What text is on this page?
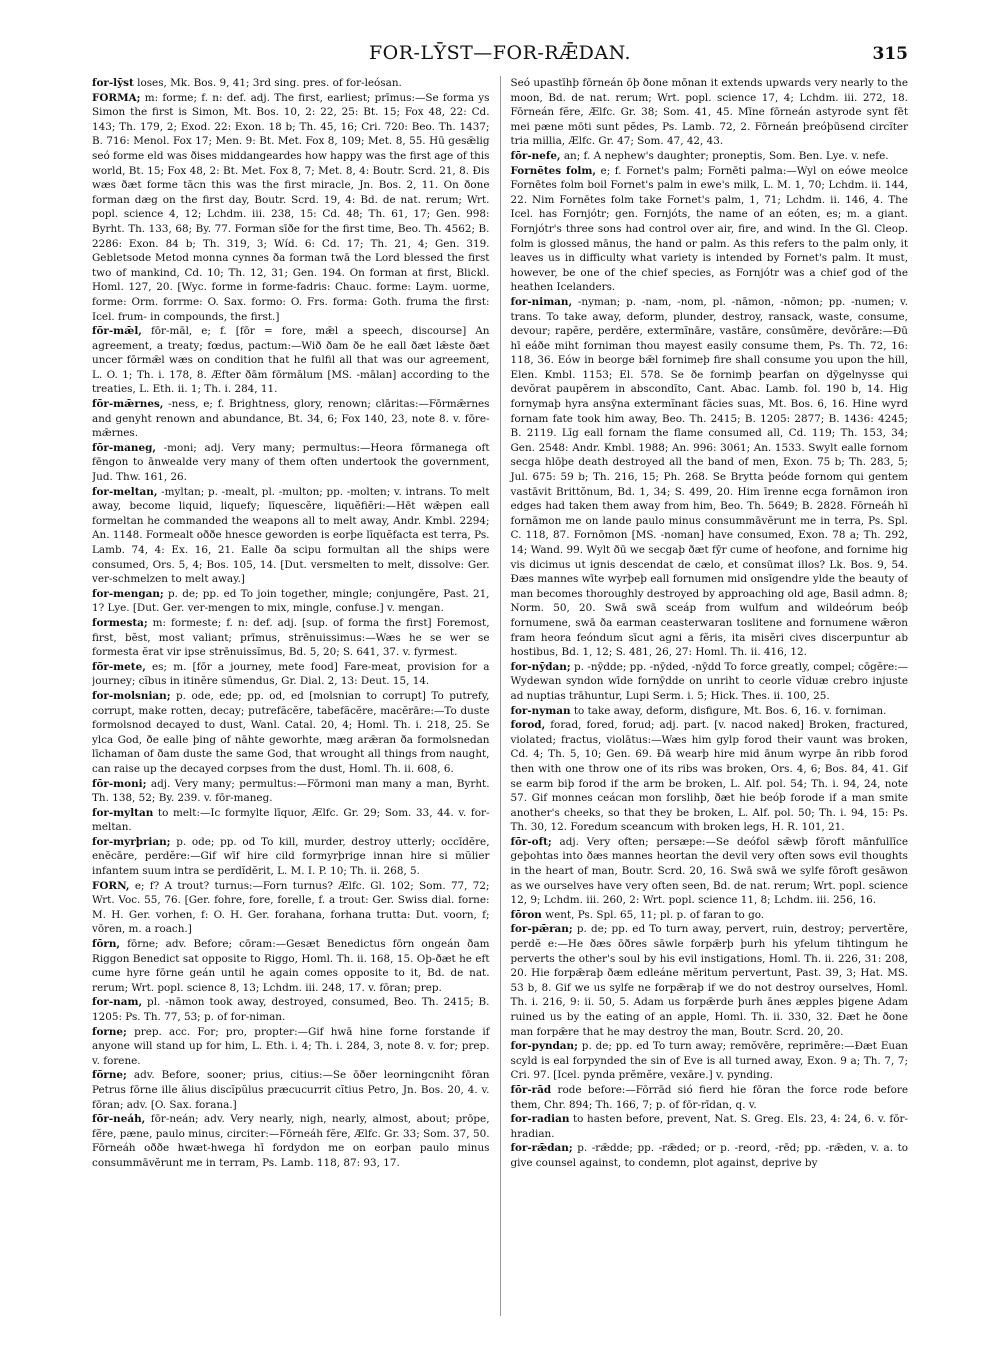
FOR-LȲST—FOR-RǢDAN.	315

for-lȳst loses, Mk. Bos. 9, 41; 3rd sing. pres. of for-leósan.

FORMA; m: forme; f. n: def. adj. The first, earliest; prīmus:—Se forma ys Simon the first is Simon, Mt. Bos. 10, 2: 22, 25: Bt. 15; Fox 48, 22: Cd. 143; Th. 179, 2; Exod. 22: Exon. 18 b; Th. 45, 16; Cri. 720: Beo. Th. 1437; B. 716: Menol. Fox 17; Men. 9: Bt. Met. Fox 8, 109; Met. 8, 55. Hū gesǣlig seó forme eld was ðises middangeardes how happy was the first age of this world, Bt. 15; Fox 48, 2: Bt. Met. Fox 8, 7; Met. 8, 4: Boutr. Scrd. 21, 8. Ðis wæs ðæt forme tācn this was the first miracle, Jn. Bos. 2, 11. On ðone forman dæg on the first day, Boutr. Scrd. 19, 4: Bd. de nat. rerum; Wrt. popl. science 4, 12; Lchdm. iii. 238, 15: Cd. 48; Th. 61, 17; Gen. 998: Byrht. Th. 133, 68; By. 77. Forman sīðe for the first time, Beo. Th. 4562; B. 2286: Exon. 84 b; Th. 319, 3; Wíd. 6: Cd. 17; Th. 21, 4; Gen. 319. Gebletsode Metod monna cynnes ða forman twā the Lord blessed the first two of mankind, Cd. 10; Th. 12, 31; Gen. 194. On forman at first, Blickl. Homl. 127, 20. [Wyc. forme in forme-fadris: Chauc. forme: Laym. uorme, forme: Orm. forrme: O. Sax. formo: O. Frs. forma: Goth. fruma the first: Icel. frum- in compounds, the first.]

fōr-mǣl, fōr-māl, e; f. [fōr = fore, mǣl a speech, discourse] An agreement, a treaty; fœdus, pactum:—Wið ðam ðe he eall ðæt lǣste ðæt uncer fōrmǣl wæs on condition that he fulfil all that was our agreement, L. O. 1; Th. i. 178, 8. Æfter ðām fōrmālum [MS. -mālan] according to the treaties, L. Eth. ii. 1; Th. i. 284, 11.

fōr-mǣrnes, -ness, e; f. Brightness, glory, renown; clāritas:—Fōrmǣrnes and genyht renown and abundance, Bt. 34, 6; Fox 140, 23, note 8. v. fōre-mǣrnes.

fōr-maneg, -moni; adj. Very many; permultus:—Heora fōrmanega oft fēngon to ānwealde very many of them often undertook the government, Jud. Thw. 161, 26.

for-meltan, -myltan; p. -mealt, pl. -multon; pp. -molten; v. intrans. To melt away, become liquid, liquefy; līquescĕre, liquĕfiĕri:—Hēt wǣpen eall formeltan he commanded the weapons all to melt away, Andr. Kmbl. 2294; An. 1148. Formealt oððe hnesce geworden is eorþe līquĕfacta est terra, Ps. Lamb. 74, 4: Ex. 16, 21. Ealle ða scipu formultan all the ships were consumed, Ors. 5, 4; Bos. 105, 14. [Dut. versmelten to melt, dissolve: Ger. ver-schmelzen to melt away.]

for-mengan; p. de; pp. ed To join together, mingle; conjungĕre, Past. 21, 1? Lye. [Dut. Ger. ver-mengen to mix, mingle, confuse.] v. mengan.

formesta; m: formeste; f. n: def. adj. [sup. of forma the first] Foremost, first, bĕst, most valiant; prīmus, strēnuissimus:—Wæs he se wer se formesta ĕrat vir ipse strēnuissĭmus, Bd. 5, 20; S. 641, 37. v. fyrmest.

fōr-mete, es; m. [fōr a journey, mete food] Fare-meat, provision for a journey; cĭbus in itinĕre sūmendus, Gr. Dial. 2, 13: Deut. 15, 14.

for-molsnian; p. ode, ede; pp. od, ed [molsnian to corrupt] To putrefy, corrupt, make rotten, decay; putrefăcĕre, tabefăcĕre, macĕrāre:—To duste formolsnod decayed to dust, Wanl. Catal. 20, 4; Homl. Th. i. 218, 25. Se ylca God, ðe ealle þing of nāhte geworhte, mæg arǣran ða formolsnedan līchaman of ðam duste the same God, that wrought all things from naught, can raise up the decayed corpses from the dust, Homl. Th. ii. 608, 6.

fōr-moni; adj. Very many; permultus:—Fōrmoni man many a man, Byrht. Th. 138, 52; By. 239. v. fōr-maneg.

for-myltan to melt:—Ic formylte līquor, Ælfc. Gr. 29; Som. 33, 44. v. for-meltan.

for-myrþrian; p. ode; pp. od To kill, murder, destroy utterly; occīdĕre, enĕcāre, perdĕre:—Gif wīf hire cild formyrþrige innan hire si mŭlier infantem suum intra se perdĭdĕrit, L. M. I. P. 10; Th. ii. 268, 5.

FORN, e; f? A trout? turnus:—Forn turnus? Ælfc. Gl. 102; Som. 77, 72; Wrt. Voc. 55, 76. [Ger. fohre, fore, forelle, f. a trout: Ger. Swiss dial. forne: M. H. Ger. vorhen, f: O. H. Ger. forahana, forhana trutta: Dut. voorn, f; vōren, m. a roach.]

fōrn, fōrne; adv. Before; cōram:—Gesæt Benedictus fōrn ongeán ðam Riggon Benedict sat opposite to Riggo, Homl. Th. ii. 168, 15. Oþ-ðæt he eft cume hyre fōrne geán until he again comes opposite to it, Bd. de nat. rerum; Wrt. popl. science 8, 13; Lchdm. iii. 248, 17. v. fōran; prep.

for-nam, pl. -nāmon took away, destroyed, consumed, Beo. Th. 2415; B. 1205: Ps. Th. 77, 53; p. of for-niman.

forne; prep. acc. For; pro, propter:—Gif hwā hine forne forstande if anyone will stand up for him, L. Eth. i. 4; Th. i. 284, 3, note 8. v. for; prep. v. forene.

fōrne; adv. Before, sooner; prius, citius:—Se ōðer leorningcniht fōran Petrus fōrne ille ălius discĭpŭlus præcucurrit cĭtius Petro, Jn. Bos. 20, 4. v. fōran; adv. [O. Sax. forana.]

fōr-neáh, fōr-neán; adv. Very nearly, nigh, nearly, almost, about; prōpe, fĕre, pæne, paulo minus, circiter:—Fōrneáh fĕre, Ælfc. Gr. 33; Som. 37, 50. Fōrneáh oððe hwæt-hwega hī fordydon me on eorþan paulo minus consummāvĕrunt me in terram, Ps. Lamb. 118, 87: 93, 17.

Seó upastīhþ fōrneán ōþ ðone mōnan it extends upwards very nearly to the moon, Bd. de nat. rerum; Wrt. popl. science 17, 4; Lchdm. iii. 272, 18. Fōrneán fĕre, Ælfc. Gr. 38; Som. 41, 45. Mīne fōrneán astyrode synt fēt mei pæne mōti sunt pĕdes, Ps. Lamb. 72, 2. Fōrneán þreóþūsend circĭter tria millia, Ælfc. Gr. 47; Som. 47, 42, 43.

fōr-nefe, an; f. A nephew's daughter; proneptis, Som. Ben. Lye. v. nefe.

Fornētes folm, e; f. Fornet's palm; Fornēti palma:—Wyl on eówe meolce Fornētes folm boil Fornet's palm in ewe's milk, L. M. 1, 70; Lchdm. ii. 144, 22. Nim Fornētes folm take Fornet's palm, 1, 71; Lchdm. ii. 146, 4. The Icel. has Fornjótr; gen. Fornjóts, the name of an eóten, es; m. a giant. Fornjótr's three sons had control over air, fire, and wind. In the Gl. Cleop. folm is glossed mānus, the hand or palm. As this refers to the palm only, it leaves us in difficulty what variety is intended by Fornet's palm. It must, however, be one of the chief species, as Fornjótr was a chief god of the heathen Icelanders.

for-niman, -nyman; p. -nam, -nom, pl. -nāmon, -nōmon; pp. -numen; v. trans. To take away, deform, plunder, destroy, ransack, waste, consume, devour; rapĕre, perdĕre, extermĭnāre, vastāre, consūmĕre, devŏrāre:—Ðū hī eáðe miht forniman thou mayest easily consume them, Ps. Th. 72, 16: 118, 36. Eów in beorge bǣl fornimeþ fire shall consume you upon the hill, Elen. Kmbl. 1153; El. 578. Se ðe fornimþ þearfan on dȳgelnysse qui devŏrat paupĕrem in abscondĭto, Cant. Abac. Lamb. fol. 190 b, 14. Hig fornymaþ hyra ansȳna extermĭnant făcies suas, Mt. Bos. 6, 16. Hine wyrd fornam fate took him away, Beo. Th. 2415; B. 1205: 2877; B. 1436: 4245; B. 2119. Līg eall fornam the flame consumed all, Cd. 119; Th. 153, 34; Gen. 2548: Andr. Kmbl. 1988; An. 996: 3061; An. 1533. Swylt ealle fornom secga hlōþe death destroyed all the band of men, Exon. 75 b; Th. 283, 5; Jul. 675: 59 b; Th. 216, 15; Ph. 268. Se Brytta þeóde fornom qui gentem vastāvit Brittŏnum, Bd. 1, 34; S. 499, 20. Him īrenne ecga fornāmon iron edges had taken them away from him, Beo. Th. 5649; B. 2828. Fōrneáh hī fornāmon me on lande paulo minus consummāvĕrunt me in terra, Ps. Spl. C. 118, 87. Fornōmon [MS. -noman] have consumed, Exon. 78 a; Th. 292, 14; Wand. 99. Wylt ðū we secgaþ ðæt fȳr cume of heofone, and fornime hig vis dicimus ut ignis descendat de cælo, et consūmat illos? Lk. Bos. 9, 54. Ðæs mannes wīte wyrþeþ eall fornumen mid onsīgendre ylde the beauty of man becomes thoroughly destroyed by approaching old age, Basil admn. 8; Norm. 50, 20. Swā swā sceáp from wulfum and wildeórum beóþ fornumene, swā ða earman ceasterwaran toslitene and fornumene wǣron fram heora feóndum sīcut agni a fĕris, ita misĕri cives discerpuntur ab hostibus, Bd. 1, 12; S. 481, 26, 27: Homl. Th. ii. 416, 12.

for-nȳdan; p. -nȳdde; pp. -nȳded, -nȳdd To force greatly, compel; cōgĕre:—Wydewan syndon wīde fornȳdde on unriht to ceorle vĭduæ crebro injuste ad nuptias trāhuntur, Lupi Serm. i. 5; Hick. Thes. ii. 100, 25.

for-nyman to take away, deform, disfigure, Mt. Bos. 6, 16. v. forniman.

forod, forad, fored, forud; adj. part. [v. nacod naked] Broken, fractured, violated; fractus, violātus:—Wæs him gylp forod their vaunt was broken, Cd. 4; Th. 5, 10; Gen. 69. Ðā wearþ hire mid ānum wyrpe ān ribb forod then with one throw one of its ribs was broken, Ors. 4, 6; Bos. 84, 41. Gif se earm biþ forod if the arm be broken, L. Alf. pol. 54; Th. i. 94, 24, note 57. Gif monnes ceácan mon forslihþ, ðæt hie beóþ forode if a man smite another's cheeks, so that they be broken, L. Alf. pol. 50; Th. i. 94, 15: Ps. Th. 30, 12. Foredum sceancum with broken legs, H. R. 101, 21.

fōr-oft; adj. Very often; persæpe:—Se deófol sǣwþ fōroft mānfullīce geþohtas into ðæs mannes heortan the devil very often sows evil thoughts in the heart of man, Boutr. Scrd. 20, 16. Swā swā we sylfe fōroft gesāwon as we ourselves have very often seen, Bd. de nat. rerum; Wrt. popl. science 12, 9; Lchdm. iii. 260, 2: Wrt. popl. science 11, 8; Lchdm. iii. 256, 16.

fōron went, Ps. Spl. 65, 11; pl. p. of faran to go.

for-pǣran; p. de; pp. ed To turn away, pervert, ruin, destroy; pervertĕre, perdĕ e:—He ðæs ōðres sāwle forpǣrþ þurh his yfelum tihtingum he perverts the other's soul by his evil instigations, Homl. Th. ii. 226, 31: 208, 20. Hie forpǣraþ ðæm edleáne mĕritum pervertunt, Past. 39, 3; Hat. MS. 53 b, 8. Gif we us sylfe ne forpǣraþ if we do not destroy ourselves, Homl. Th. i. 216, 9: ii. 50, 5. Adam us forpǣrde þurh ānes æpples þigene Adam ruined us by the eating of an apple, Homl. Th. ii. 330, 32. Ðæt he ðone man forpǣre that he may destroy the man, Boutr. Scrd. 20, 20.

for-pyndan; p. de; pp. ed To turn away; remŏvēre, reprimĕre:—Ðæt Euan scyld is eal forpynded the sin of Eve is all turned away, Exon. 9 a; Th. 7, 7; Cri. 97. [Icel. pynda prĕmĕre, vexāre.] v. pynding.

fōr-rād rode before:—Fōrrād sió fierd hie fōran the force rode before them, Chr. 894; Th. 166, 7; p. of fōr-rīdan, q. v.

for-radian to hasten before, prevent, Nat. S. Greg. Els. 23, 4: 24, 6. v. fōr-hradian.

for-rǣdan; p. -rǣdde; pp. -rǣded; or p. -reord, -rēd; pp. -rǣden, v. a. to give counsel against, to condemn, plot against, deprive by
